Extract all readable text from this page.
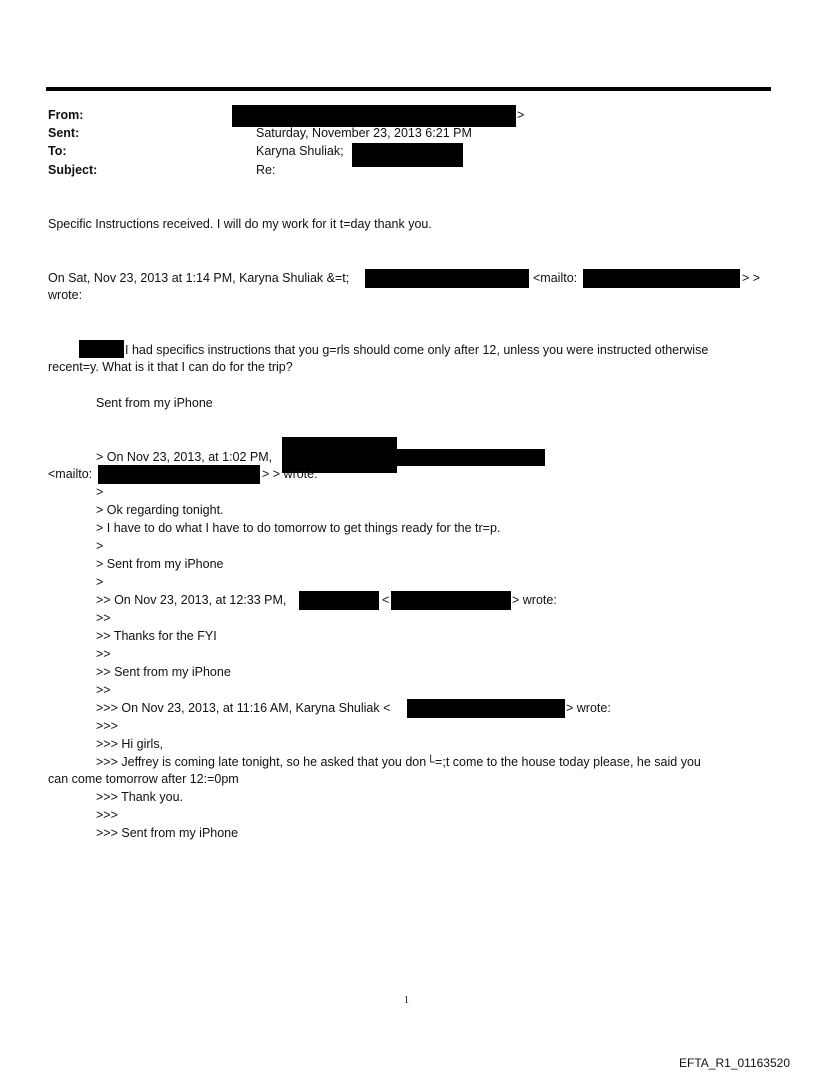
From:	>
Sent:	Saturday, November 23, 2013 6:21 PM
To:	Karyna Shuliak;
Subject:	Re:
Specific Instructions received. I will do my work for it t=day thank you.
On Sat, Nov 23, 2013 at 1:14 PM, Karyna Shuliak &=t;	<mailto:	> >
wrote:
I had specifics instructions that you g=rls should come only after 12, unless you were instructed otherwise
recent=y. What is it that I can do for the trip?
Sent from my iPhone
> On Nov 23, 2013, at 1:02 PM,
<mailto:	> > wrote:
>
> Ok regarding tonight.
> I have to do what I have to do tomorrow to get things ready for the tr=p.
>
> Sent from my iPhone
>
>> On Nov 23, 2013, at 12:33 PM,	<	> wrote:
>>
>> Thanks for the FYI
>>
>> Sent from my iPhone
>>
>>> On Nov 23, 2013, at 11:16 AM, Karyna Shuliak <	> wrote:
>>>
>>> Hi girls,
>>> Jeffrey is coming late tonight, so he asked that you don└=;t come to the house today please, he said you
can come tomorrow after 12:=0pm
>>> Thank you.
>>>
>>> Sent from my iPhone
1
EFTA_R1_01163520
